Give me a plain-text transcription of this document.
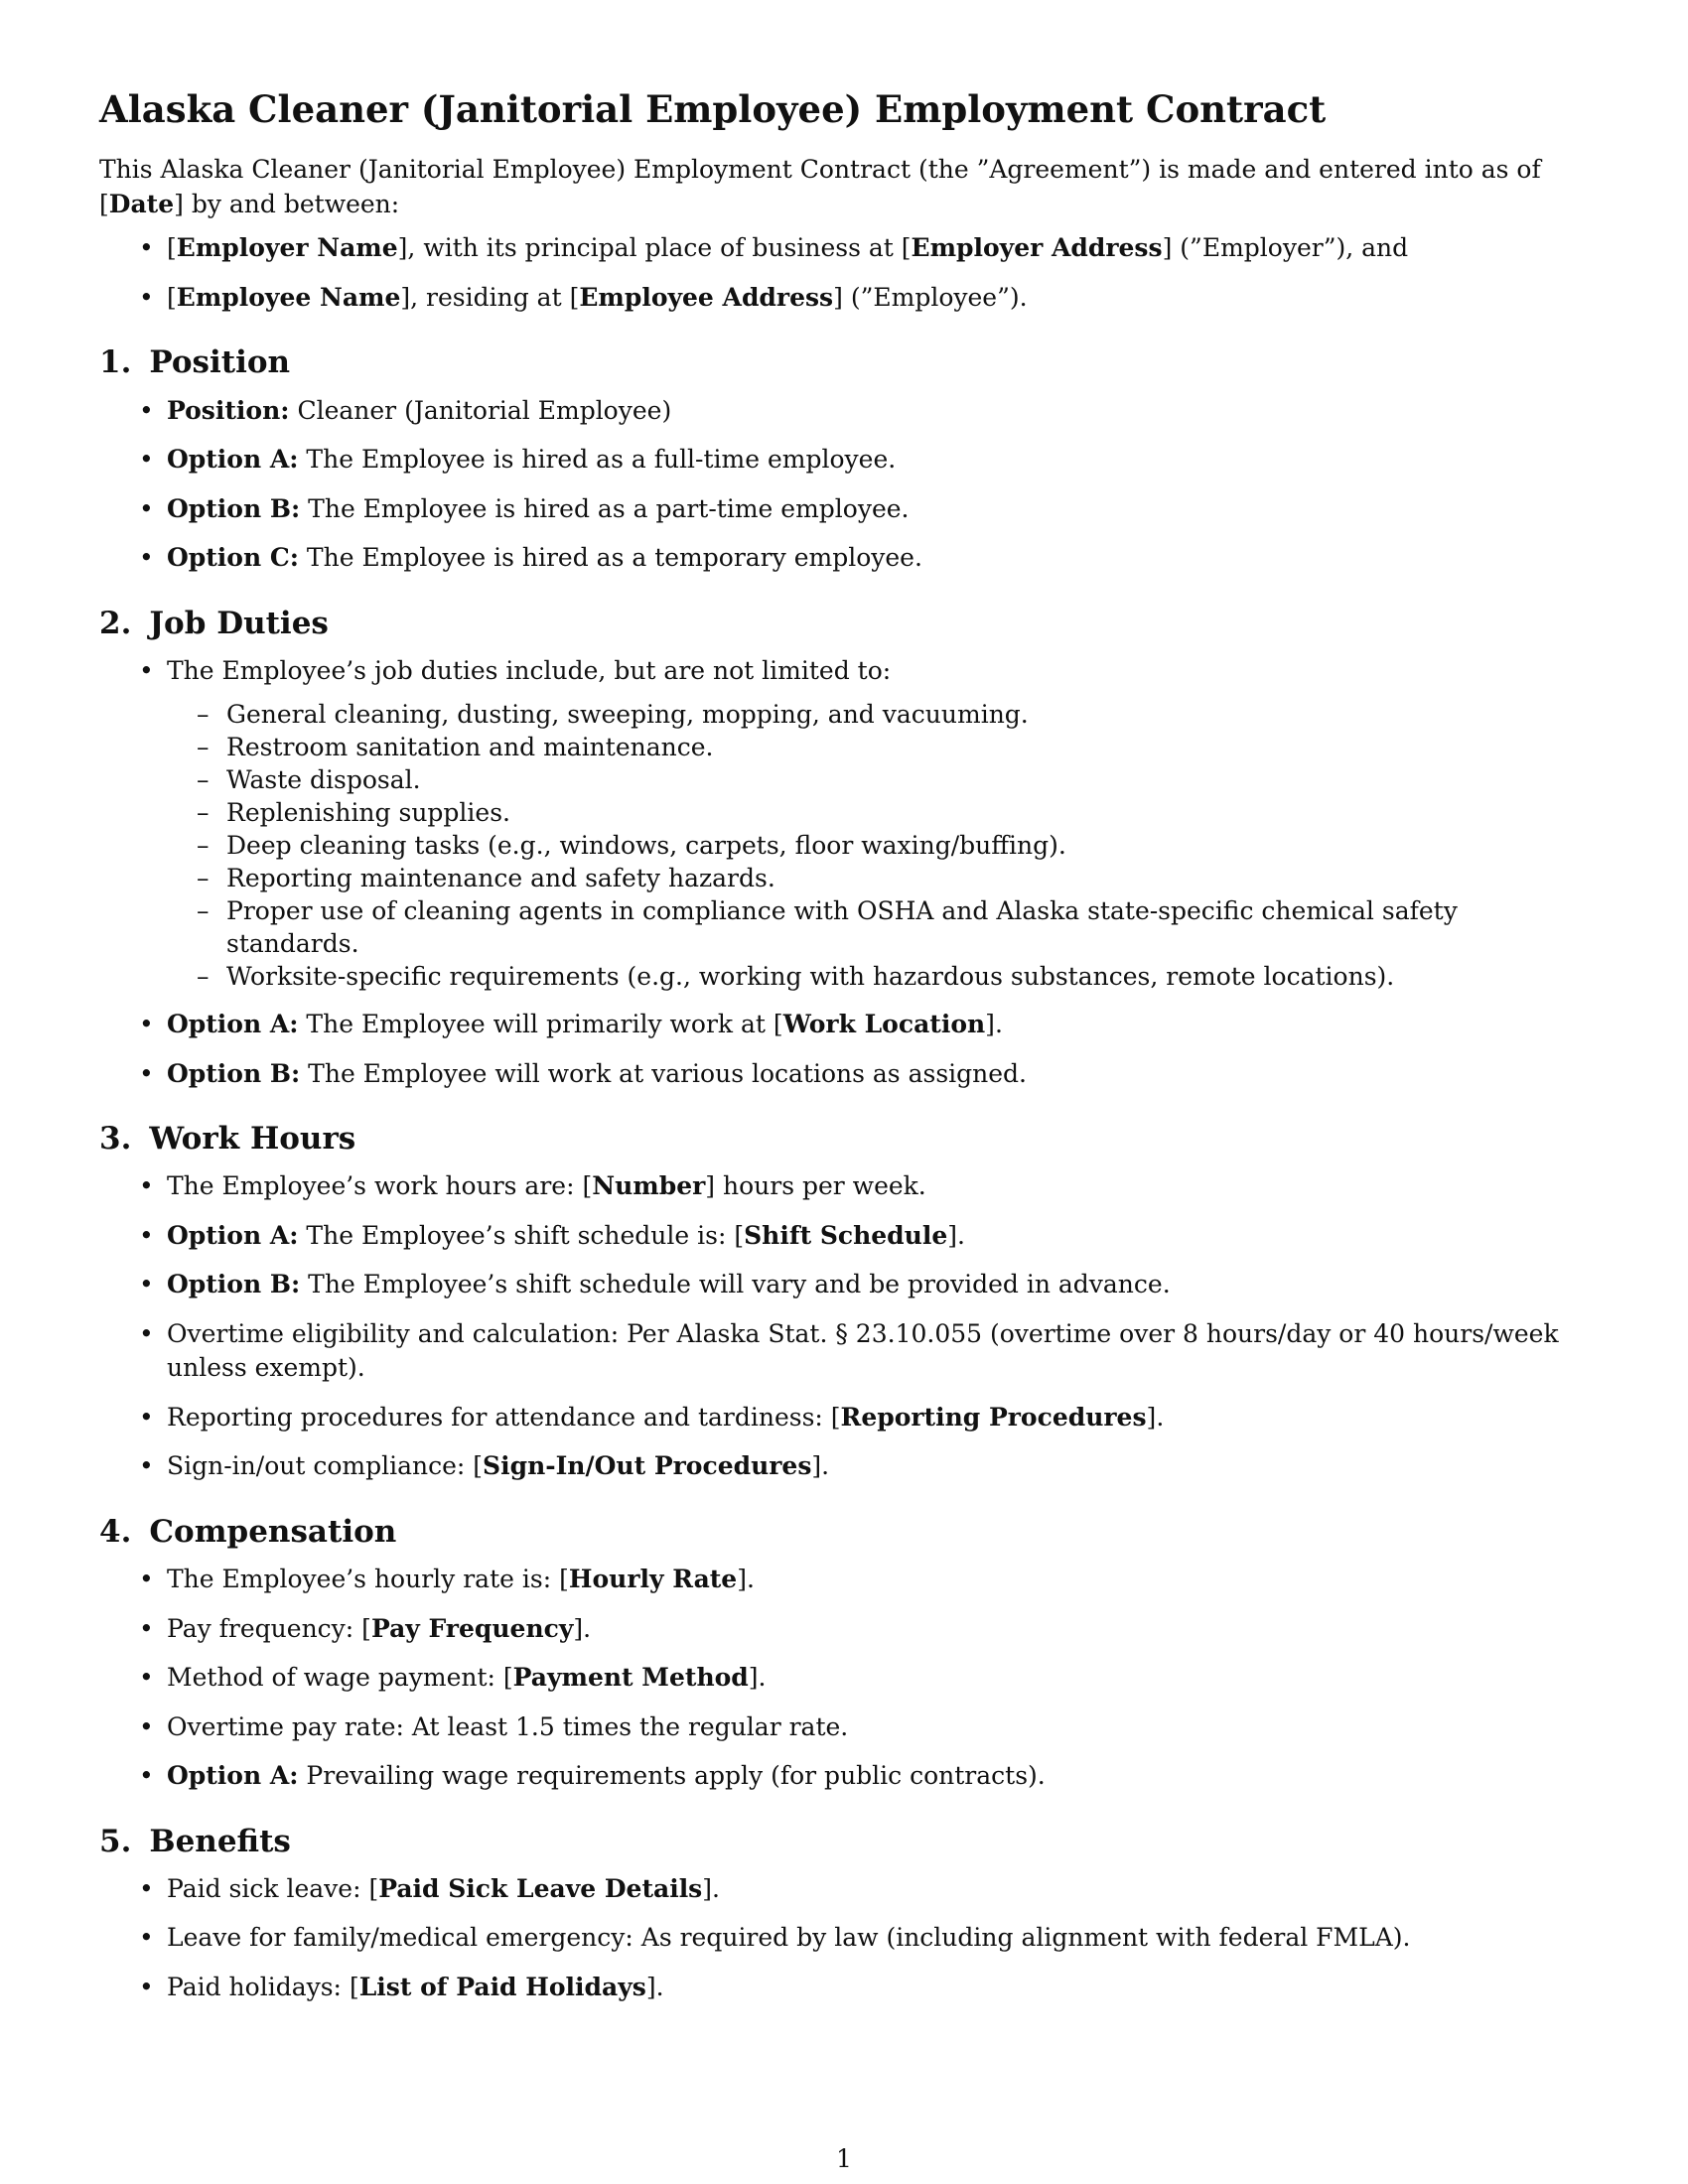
Alaska Cleaner (Janitorial Employee) Employment Contract

This Alaska Cleaner (Janitorial Employee) Employment Contract (the ”Agreement”) is made and entered into as of [Date] by and between:

• [Employer Name], with its principal place of business at [Employer Address] (”Employer”), and
• [Employee Name], residing at [Employee Address] (”Employee”).
1. Position
• Position: Cleaner (Janitorial Employee)
• Option A: The Employee is hired as a full-time employee.
• Option B: The Employee is hired as a part-time employee.
• Option C: The Employee is hired as a temporary employee.
2. Job Duties
• The Employee’s job duties include, but are not limited to:
– General cleaning, dusting, sweeping, mopping, and vacuuming.
– Restroom sanitation and maintenance.
– Waste disposal.
– Replenishing supplies.
– Deep cleaning tasks (e.g., windows, carpets, floor waxing/buffing).
– Reporting maintenance and safety hazards.
– Proper use of cleaning agents in compliance with OSHA and Alaska state-specific chemical safety standards.
– Worksite-specific requirements (e.g., working with hazardous substances, remote locations).
• Option A: The Employee will primarily work at [Work Location].
• Option B: The Employee will work at various locations as assigned.
3. Work Hours
• The Employee’s work hours are: [Number] hours per week.
• Option A: The Employee’s shift schedule is: [Shift Schedule].
• Option B: The Employee’s shift schedule will vary and be provided in advance.
• Overtime eligibility and calculation: Per Alaska Stat. § 23.10.055 (overtime over 8 hours/day or 40 hours/week unless exempt).
• Reporting procedures for attendance and tardiness: [Reporting Procedures].
• Sign-in/out compliance: [Sign-In/Out Procedures].
4. Compensation
• The Employee’s hourly rate is: [Hourly Rate].
• Pay frequency: [Pay Frequency].
• Method of wage payment: [Payment Method].
• Overtime pay rate: At least 1.5 times the regular rate.
• Option A: Prevailing wage requirements apply (for public contracts).
5. Benefits
• Paid sick leave: [Paid Sick Leave Details].
• Leave for family/medical emergency: As required by law (including alignment with federal FMLA).
• Paid holidays: [List of Paid Holidays].
1
